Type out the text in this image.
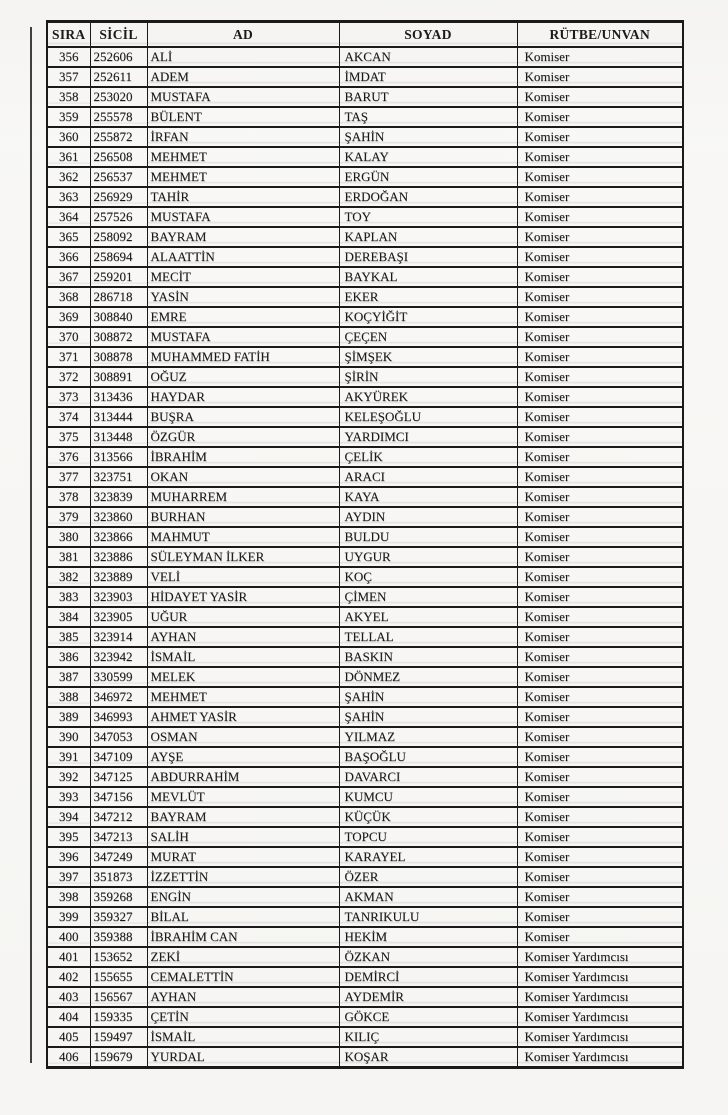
SIRA	SİCİL	AD	SOYAD	RÜTBE/UNVAN
356	252606	ALİ	AKCAN	Komiser
357	252611	ADEM	İMDAT	Komiser
358	253020	MUSTAFA	BARUT	Komiser
359	255578	BÜLENT	TAŞ	Komiser
360	255872	İRFAN	ŞAHİN	Komiser
361	256508	MEHMET	KALAY	Komiser
362	256537	MEHMET	ERGÜN	Komiser
363	256929	TAHİR	ERDOĞAN	Komiser
364	257526	MUSTAFA	TOY	Komiser
365	258092	BAYRAM	KAPLAN	Komiser
366	258694	ALAATTİN	DEREBAŞI	Komiser
367	259201	MECİT	BAYKAL	Komiser
368	286718	YASİN	EKER	Komiser
369	308840	EMRE	KOÇYİĞİT	Komiser
370	308872	MUSTAFA	ÇEÇEN	Komiser
371	308878	MUHAMMED FATİH	ŞİMŞEK	Komiser
372	308891	OĞUZ	ŞİRİN	Komiser
373	313436	HAYDAR	AKYÜREK	Komiser
374	313444	BUŞRA	KELEŞOĞLU	Komiser
375	313448	ÖZGÜR	YARDIMCI	Komiser
376	313566	İBRAHİM	ÇELİK	Komiser
377	323751	OKAN	ARACI	Komiser
378	323839	MUHARREM	KAYA	Komiser
379	323860	BURHAN	AYDIN	Komiser
380	323866	MAHMUT	BULDU	Komiser
381	323886	SÜLEYMAN İLKER	UYGUR	Komiser
382	323889	VELİ	KOÇ	Komiser
383	323903	HİDAYET YASİR	ÇİMEN	Komiser
384	323905	UĞUR	AKYEL	Komiser
385	323914	AYHAN	TELLAL	Komiser
386	323942	İSMAİL	BASKIN	Komiser
387	330599	MELEK	DÖNMEZ	Komiser
388	346972	MEHMET	ŞAHİN	Komiser
389	346993	AHMET YASİR	ŞAHİN	Komiser
390	347053	OSMAN	YILMAZ	Komiser
391	347109	AYŞE	BAŞOĞLU	Komiser
392	347125	ABDURRAHİM	DAVARCI	Komiser
393	347156	MEVLÜT	KUMCU	Komiser
394	347212	BAYRAM	KÜÇÜK	Komiser
395	347213	SALİH	TOPCU	Komiser
396	347249	MURAT	KARAYEL	Komiser
397	351873	İZZETTİN	ÖZER	Komiser
398	359268	ENGİN	AKMAN	Komiser
399	359327	BİLAL	TANRIKULU	Komiser
400	359388	İBRAHİM CAN	HEKİM	Komiser
401	153652	ZEKİ	ÖZKAN	Komiser Yardımcısı
402	155655	CEMALETTİN	DEMİRCİ	Komiser Yardımcısı
403	156567	AYHAN	AYDEMİR	Komiser Yardımcısı
404	159335	ÇETİN	GÖKCE	Komiser Yardımcısı
405	159497	İSMAİL	KILIÇ	Komiser Yardımcısı
406	159679	YURDAL	KOŞAR	Komiser Yardımcısı
